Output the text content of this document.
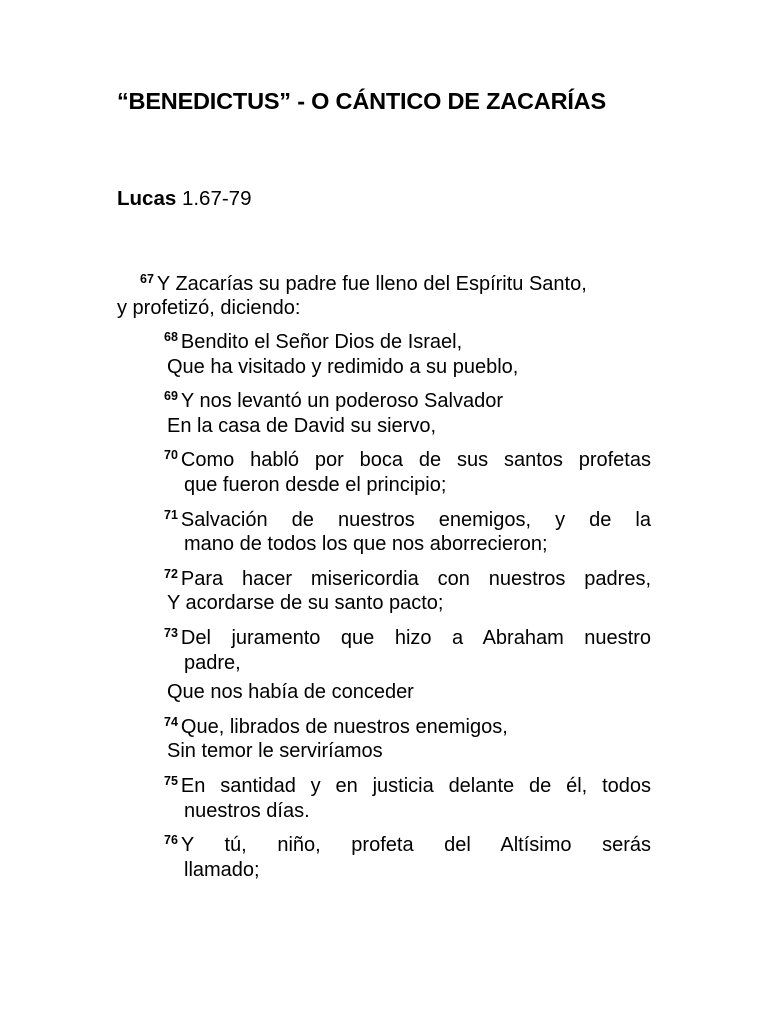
“BENEDICTUS” - O CÁNTICO DE ZACARÍAS
Lucas 1.67-79
$^{67}$ Y Zacarías su padre fue lleno del Espíritu Santo,
y profetizó, diciendo:
$^{68}$ Bendito el Señor Dios de Israel,
Que ha visitado y redimido a su pueblo,
$^{69}$ Y nos levantó un poderoso Salvador
En la casa de David su siervo,
$^{70}$ Como habló por boca de sus santos profetas
que fueron desde el principio;
$^{71}$ Salvación de nuestros enemigos, y de la
mano de todos los que nos aborrecieron;
$^{72}$ Para hacer misericordia con nuestros padres,
Y acordarse de su santo pacto;
$^{73}$ Del juramento que hizo a Abraham nuestro
padre,
Que nos había de conceder
$^{74}$ Que, librados de nuestros enemigos,
Sin temor le serviríamos
$^{75}$ En santidad y en justicia delante de él, todos
nuestros días.
$^{76}$ Y tú, niño, profeta del Altísimo serás
llamado;
